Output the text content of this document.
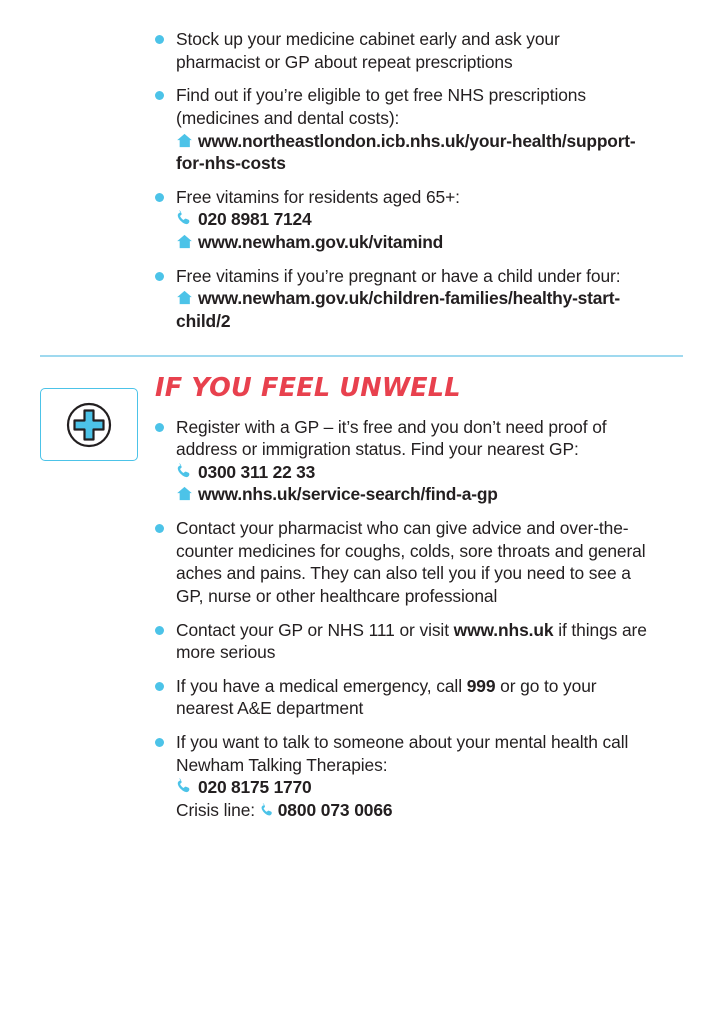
Stock up your medicine cabinet early and ask your
pharmacist or GP about repeat prescriptions
Find out if you’re eligible to get free NHS prescriptions
(medicines and dental costs):
www.northeastlondon.icb.nhs.uk/your-health/support-
for-nhs-costs
Free vitamins for residents aged 65+:
020 8981 7124
www.newham.gov.uk/vitamind
Free vitamins if you’re pregnant or have a child under four:
www.newham.gov.uk/children-families/healthy-start-
child/2
IF YOU FEEL UNWELL
Register with a GP – it’s free and you don’t need proof of
address or immigration status. Find your nearest GP:
0300 311 22 33
www.nhs.uk/service-search/find-a-gp
Contact your pharmacist who can give advice and over-the-
counter medicines for coughs, colds, sore throats and general
aches and pains. They can also tell you if you need to see a
GP, nurse or other healthcare professional
Contact your GP or NHS 111 or visit www.nhs.uk if things are
more serious
If you have a medical emergency, call 999 or go to your
nearest A&E department
If you want to talk to someone about your mental health call
Newham Talking Therapies:
020 8175 1770
Crisis line: 0800 073 0066
